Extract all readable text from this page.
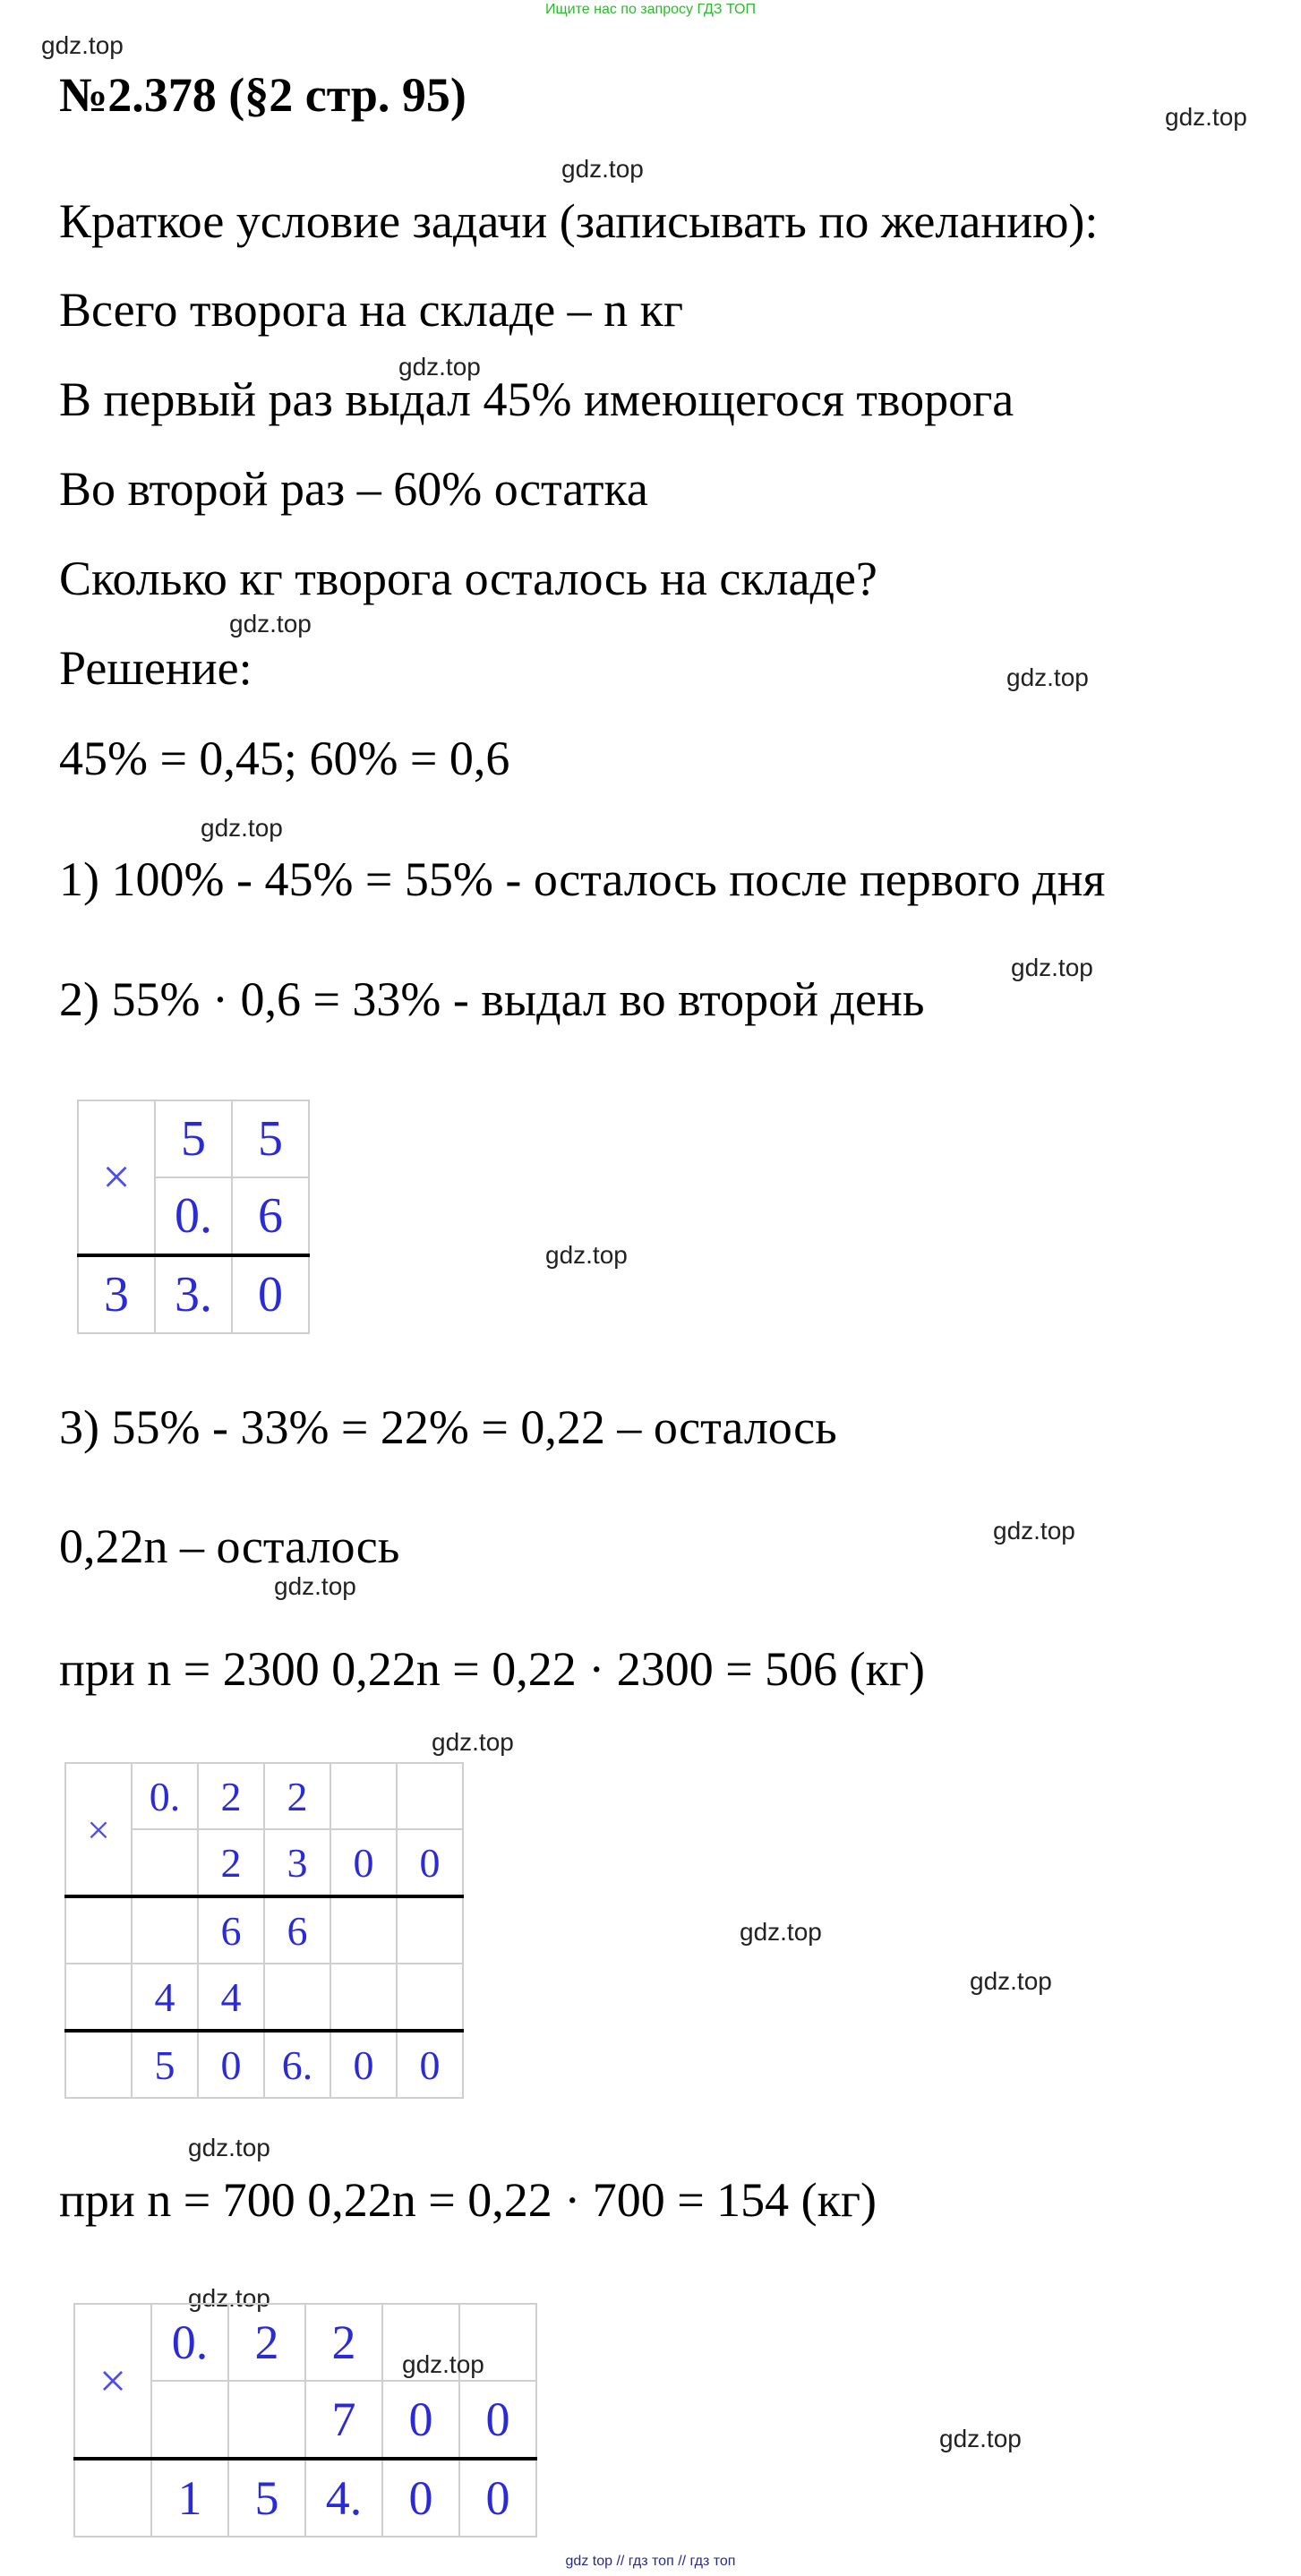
Ищите нас по запросу ГДЗ ТОП
gdz.top
№2.378 (§2 стр. 95)	gdz.top
gdz.top
Краткое условие задачи (записывать по желанию):
Всего творога на складе – n кг
gdz.top
В первый раз выдал 45% имеющегося творога
Во второй раз – 60% остатка
Сколько кг творога осталось на складе?
gdz.top
Решение:	gdz.top
45% = 0,45; 60% = 0,6
gdz.top
1) 100% - 45% = 55% - осталось после первого дня
gdz.top
2) 55% · 0,6 = 33% - выдал во второй день
×	5	5
	0.	6
3	3.	0
gdz.top
3) 55% - 33% = 22% = 0,22 – осталось
gdz.top
0,22n – осталось
gdz.top
при n = 2300 0,22n = 0,22 · 2300 = 506 (кг)
gdz.top
×	0.	2	2		
		2	3	0	0
		6	6		
	4	4			
	5	0	6.	0	0
gdz.top
gdz.top
gdz.top
при n = 700 0,22n = 0,22 · 700 = 154 (кг)
gdz.top
×	0.	2	2		
			7	0	0
	1	5	4.	0	0
gdz.top
gdz.top
gdz top // гдз топ // гдз топ
